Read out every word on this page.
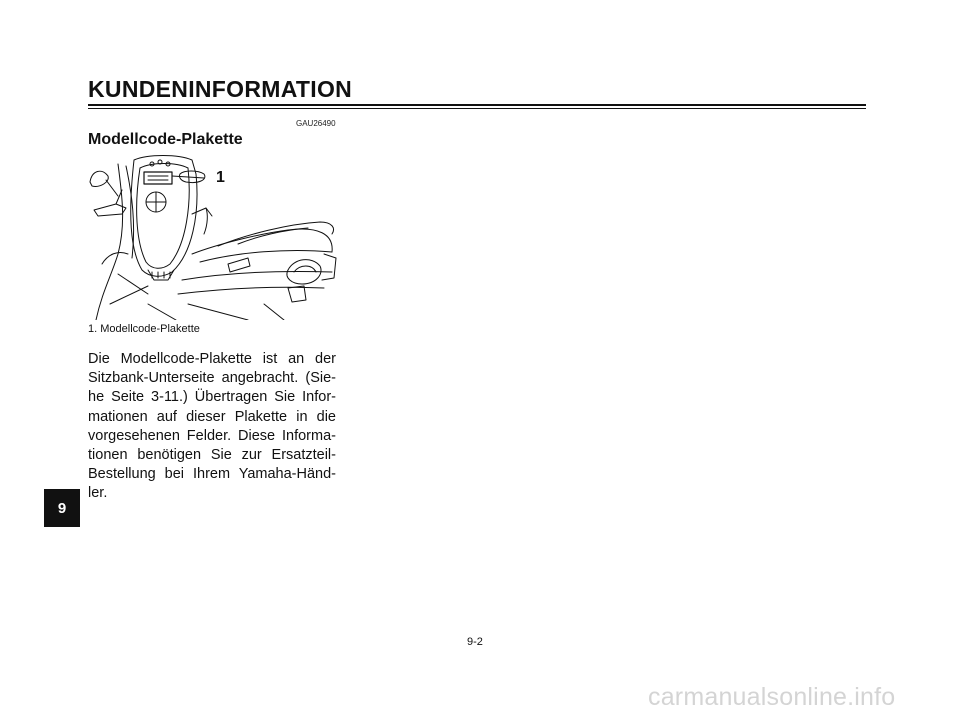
KUNDENINFORMATION
GAU26490
Modellcode-Plakette
1
1. Modellcode-Plakette
Die Modellcode-Plakette ist an der
Sitzbank-Unterseite angebracht. (Sie-
he Seite 3-11.) Übertragen Sie Infor-
mationen auf dieser Plakette in die
vorgesehenen Felder. Diese Informa-
tionen benötigen Sie zur Ersatzteil-
Bestellung bei Ihrem Yamaha-Händ-
ler.
9
9-2
carmanualsonline.info
